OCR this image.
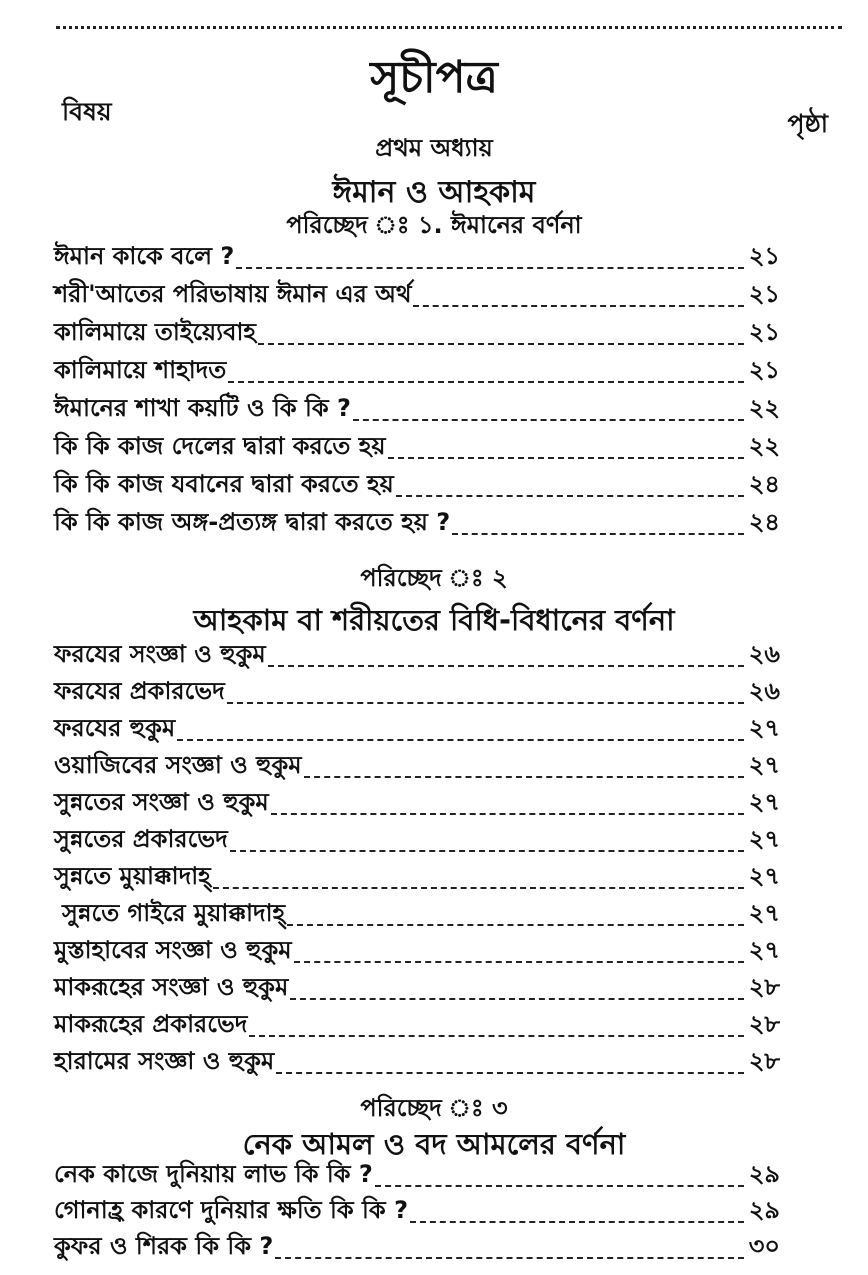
সূচীপত্র
বিষয়	পৃষ্ঠা
প্রথম অধ্যায়
ঈমান ও আহকাম
পরিচ্ছেদ ঃ ১. ঈমানের বর্ণনা
ঈমান কাকে বলে ?	২১
শরী'আতের পরিভাষায় ঈমান এর অর্থ	২১
কালিমায়ে তাইয়্যেবাহ	২১
কালিমায়ে শাহাদত	২১
ঈমানের শাখা কয়টি ও কি কি ?	২২
কি কি কাজ দেলের দ্বারা করতে হয়	২২
কি কি কাজ যবানের দ্বারা করতে হয়	২৪
কি কি কাজ অঙ্গ-প্রত্যঙ্গ দ্বারা করতে হয় ?	২৪
পরিচ্ছেদ ঃ ২
আহকাম বা শরীয়তের বিধি-বিধানের বর্ণনা
ফরযের সংজ্ঞা ও হুকুম	২৬
ফরযের প্রকারভেদ	২৬
ফরযের হুকুম	২৭
ওয়াজিবের সংজ্ঞা ও হুকুম	২৭
সুন্নতের সংজ্ঞা ও হুকুম	২৭
সুন্নতের প্রকারভেদ	২৭
সুন্নতে মুয়াক্কাদাহ্	২৭
সুন্নতে গাইরে মুয়াক্কাদাহ্	২৭
মুস্তাহাবের সংজ্ঞা ও হুকুম	২৭
মাকরূহের সংজ্ঞা ও হুকুম	২৮
মাকরূহের প্রকারভেদ	২৮
হারামের সংজ্ঞা ও হুকুম	২৮
পরিচ্ছেদ ঃ ৩
নেক আমল ও বদ আমলের বর্ণনা
নেক কাজে দুনিয়ায় লাভ কি কি ?	২৯
গোনাহ্র কারণে দুনিয়ার ক্ষতি কি কি ?	২৯
কুফর ও শিরক কি কি ?	৩০
